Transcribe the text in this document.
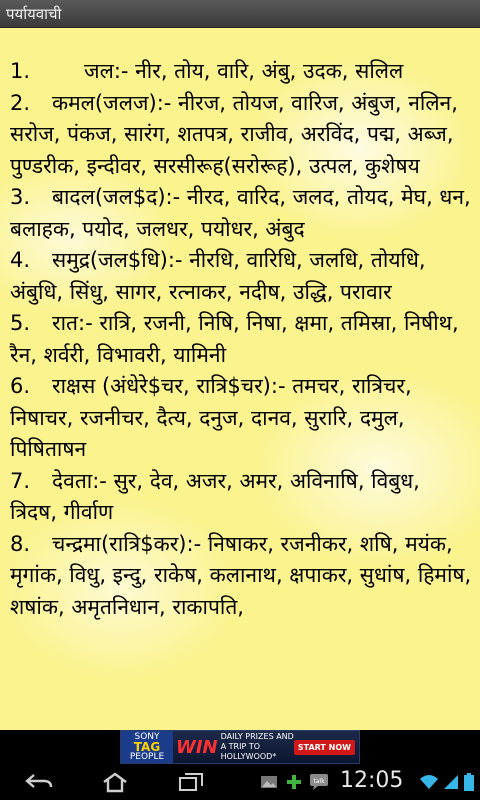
पर्यायवाची

1.	जल:- नीर, तोय, वारि, अंबु, उदक, सलिल

2. कमल(जलज):- नीरज, तोयज, वारिज, अंबुज, नलिन, सरोज, पंकज, सारंग, शतपत्र, राजीव, अरविंद, पद्म, अब्ज, पुण्डरीक, इन्दीवर, सरसीरूह(सरोरूह), उत्पल, कुशेषय

3. बादल(जल$द):- नीरद, वारिद, जलद, तोयद, मेघ, धन, बलाहक, पयोद, जलधर, पयोधर, अंबुद

4. समुद्र(जल$धि):- नीरधि, वारिधि, जलधि, तोयधि, अंबुधि, सिंधु, सागर, रत्नाकर, नदीष, उद्धि, परावार

5. रात:- रात्रि, रजनी, निषि, निषा, क्षमा, तमिस्रा, निषीथ, रैन, शर्वरी, विभावरी, यामिनी

6. राक्षस (अंधेरे$चर, रात्रि$चर):- तमचर, रात्रिचर, निषाचर, रजनीचर, दैत्य, दनुज, दानव, सुरारि, दमुल, पिषिताषन

7. देवता:- सुर, देव, अजर, अमर, अविनाषि, विबुध, त्रिदष, गीर्वाण

8. चन्द्रमा(रात्रि$कर):- निषाकर, रजनीकर, शषि, मयंक, मृगांक, विधु, इन्दु, राकेष, कलानाथ, क्षपाकर, सुधांष, हिमांष, शषांक, अमृतनिधान, राकापति,

SONY
TAG
PEOPLE WIN DAILY PRIZES AND
A TRIP TO HOLLYWOOD*
START NOW
talk 12:05
